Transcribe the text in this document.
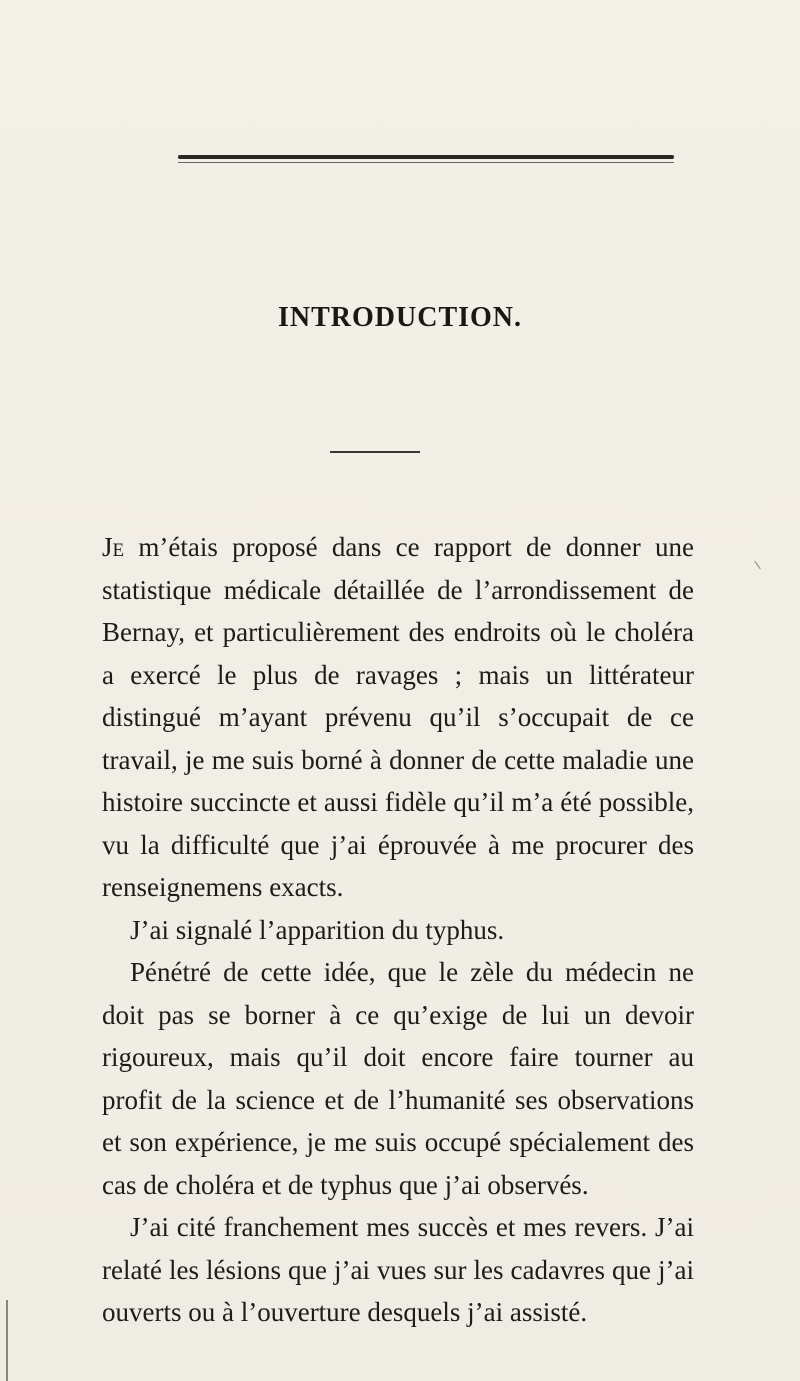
INTRODUCTION.

Je m’étais proposé dans ce rapport de donner une statistique médicale détaillée de l’arrondissement de Bernay, et particulièrement des endroits où le choléra a exercé le plus de ravages ; mais un littérateur distingué m’ayant prévenu qu’il s’occupait de ce travail, je me suis borné à donner de cette maladie une histoire succincte et aussi fidèle qu’il m’a été possible, vu la difficulté que j’ai éprouvée à me procurer des renseignemens exacts.

J’ai signalé l’apparition du typhus.

Pénétré de cette idée, que le zèle du médecin ne doit pas se borner à ce qu’exige de lui un devoir rigoureux, mais qu’il doit encore faire tourner au profit de la science et de l’humanité ses observations et son expérience, je me suis occupé spécialement des cas de choléra et de typhus que j’ai observés.

J’ai cité franchement mes succès et mes revers. J’ai relaté les lésions que j’ai vues sur les cadavres que j’ai ouverts ou à l’ouverture desquels j’ai assisté.
